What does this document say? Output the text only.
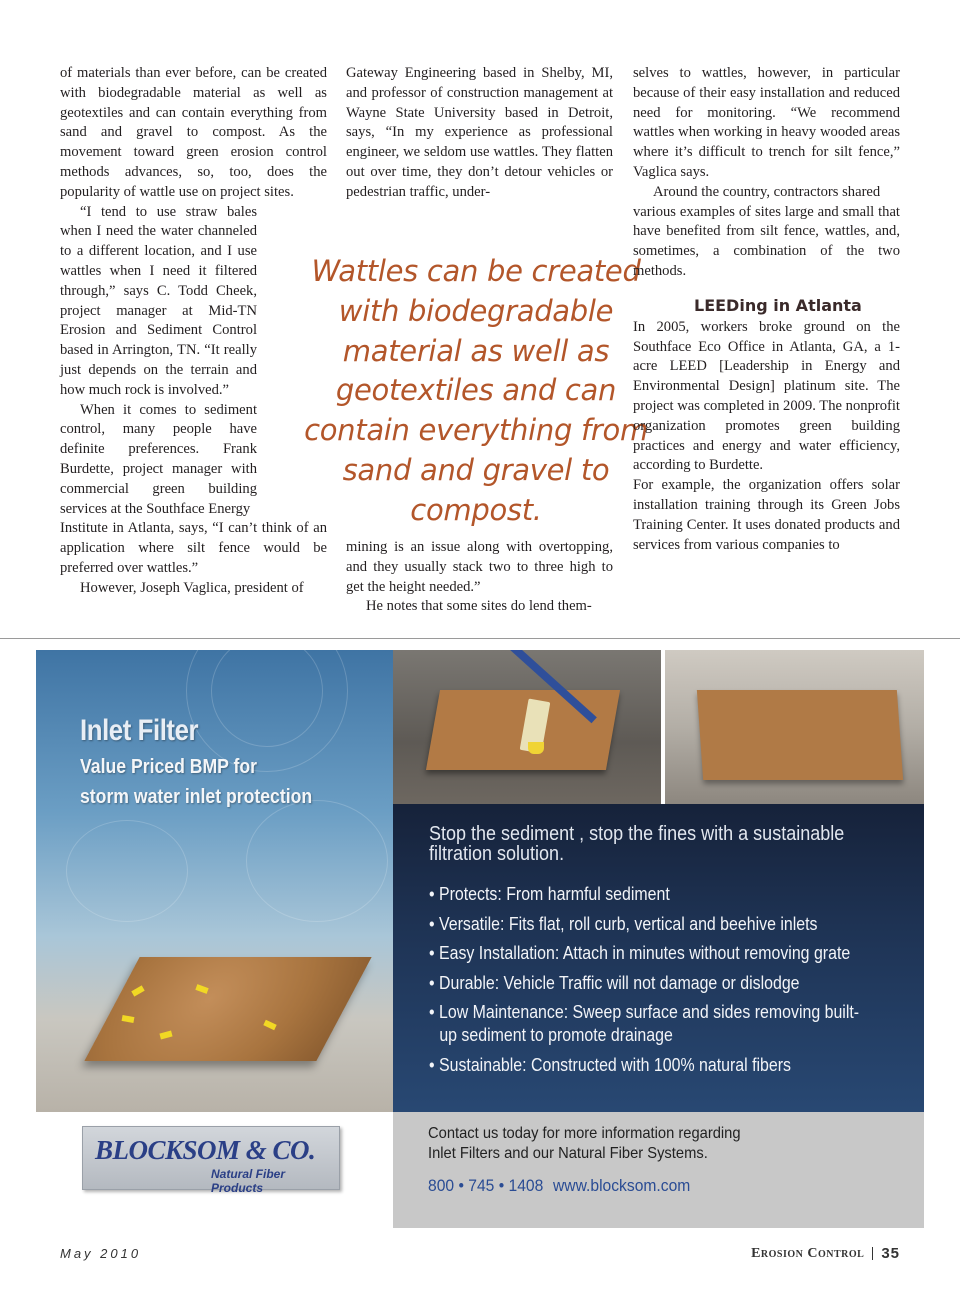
of materials than ever before, can be created with biodegradable material as well as geotextiles and can contain everything from sand and gravel to compost. As the movement toward green erosion control methods advances, so, too, does the popularity of wattle use on project sites.

“I tend to use straw bales when I need the water channeled to a different location, and I use wattles when I need it filtered through,” says C. Todd Cheek, project manager at Mid-TN Erosion and Sediment Control based in Arrington, TN. “It really just depends on the terrain and how much rock is involved.”

When it comes to sediment control, many people have definite preferences. Frank Burdette, project manager with commercial green building services at the Southface Energy

Institute in Atlanta, says, “I can’t think of an application where silt fence would be preferred over wattles.”

However, Joseph Vaglica, president of

Gateway Engineering based in Shelby, MI, and professor of construction management at Wayne State University based in Detroit, says, “In my experience as professional engineer, we seldom use wattles. They flatten out over time, they don’t detour vehicles or pedestrian traffic, under-

Wattles can be created with biodegradable material as well as geotextiles and can contain everything from sand and gravel to compost.

mining is an issue along with overtopping, and they usually stack two to three high to get the height needed.”

He notes that some sites do lend them-

selves to wattles, however, in particular because of their easy installation and reduced need for monitoring. “We recommend wattles when working in heavy wooded areas where it’s difficult to trench for silt fence,” Vaglica says.

Around the country, contractors shared

various examples of sites large and small that have benefited from silt fence, wattles, and, sometimes, a combination of the two methods.

LEEDing in Atlanta

In 2005, workers broke ground on the Southface Eco Office in Atlanta, GA, a 1-acre LEED [Leadership in Energy and Environmental Design] platinum site. The project was completed in 2009. The nonprofit organization promotes green building practices and energy and water efficiency, according to Burdette.

For example, the organization offers solar installation training through its Green Jobs Training Center. It uses donated products and services from various companies to

Inlet Filter
Value Priced BMP for
storm water inlet protection
Stop the sediment , stop the fines with a sustainable filtration solution.
• Protects: From harmful sediment
• Versatile: Fits flat, roll curb, vertical and beehive inlets
• Easy Installation: Attach in minutes without removing grate
• Durable: Vehicle Traffic will not damage or dislodge
• Low Maintenance: Sweep surface and sides removing built-up sediment to promote drainage
• Sustainable: Constructed with 100% natural fibers
BLOCKSOM & CO.
Natural Fiber Products
Contact us today for more information regarding
Inlet Filters and our Natural Fiber Systems.
800 • 745 • 1408 www.blocksom.com
May 2010	Erosion Control 35
